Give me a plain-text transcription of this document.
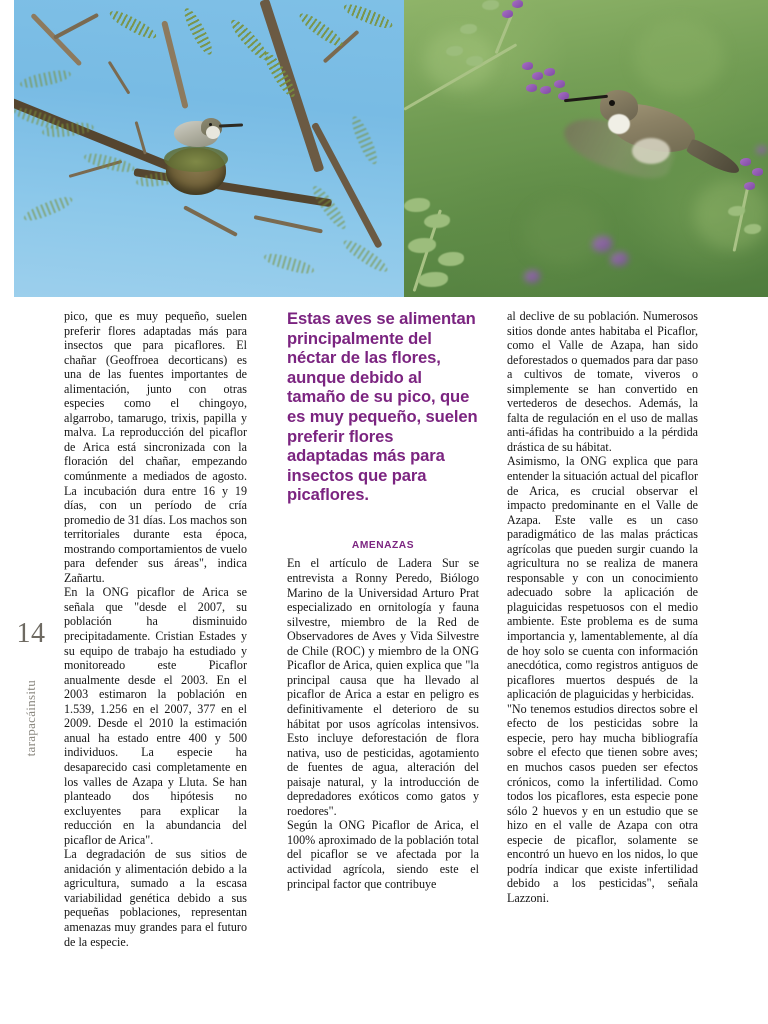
14
tarapacáinsitu

pico, que es muy pequeño, suelen preferir flores adaptadas más para insectos que para picaflores. El chañar (Geoffroea decorticans) es una de las fuentes importantes de alimentación, junto con otras especies como el chingoyo, algarrobo, tamarugo, trixis, papilla y malva. La reproducción del picaflor de Arica está sincronizada con la floración del chañar, empezando comúnmente a mediados de agosto. La incubación dura entre 16 y 19 días, con un período de cría promedio de 31 días. Los machos son territoriales durante esta época, mostrando comportamientos de vuelo para defender sus áreas", indica Zañartu.

En la ONG picaflor de Arica se señala que "desde el 2007, su población ha disminuido precipitadamente. Cristian Estades y su equipo de trabajo ha estudiado y monitoreado este Picaflor anualmente desde el 2003. En el 2003 estimaron la población en 1.539, 1.256 en el 2007, 377 en el 2009. Desde el 2010 la estimación anual ha estado entre 400 y 500 individuos. La especie ha desaparecido casi completamente en los valles de Azapa y Lluta. Se han planteado dos hipótesis no excluyentes para explicar la reducción en la abundancia del picaflor de Arica".

La degradación de sus sitios de anidación y alimentación debido a la agricultura, sumado a la escasa variabilidad genética debido a sus pequeñas poblaciones, representan amenazas muy grandes para el futuro de la especie.

Estas aves se alimentan principalmente del néctar de las flores, aunque debido al tamaño de su pico, que es muy pequeño, suelen preferir flores adaptadas más para insectos que para picaflores.
AMENAZAS

En el artículo de Ladera Sur se entrevista a Ronny Peredo, Biólogo Marino de la Universidad Arturo Prat especializado en ornitología y fauna silvestre, miembro de la Red de Observadores de Aves y Vida Silvestre de Chile (ROC) y miembro de la ONG Picaflor de Arica, quien explica que "la principal causa que ha llevado al picaflor de Arica a estar en peligro es definitivamente el deterioro de su hábitat por usos agrícolas intensivos. Esto incluye deforestación de flora nativa, uso de pesticidas, agotamiento de fuentes de agua, alteración del paisaje natural, y la introducción de depredadores exóticos como gatos y roedores".

Según la ONG Picaflor de Arica, el 100% aproximado de la población total del picaflor se ve afectada por la actividad agrícola, siendo este el principal factor que contribuye

al declive de su población. Numerosos sitios donde antes habitaba el Picaflor, como el Valle de Azapa, han sido deforestados o quemados para dar paso a cultivos de tomate, viveros o simplemente se han convertido en vertederos de desechos. Además, la falta de regulación en el uso de mallas anti-áfidas ha contribuido a la pérdida drástica de su hábitat.

Asimismo, la ONG explica que para entender la situación actual del picaflor de Arica, es crucial observar el impacto predominante en el Valle de Azapa. Este valle es un caso paradigmático de las malas prácticas agrícolas que pueden surgir cuando la agricultura no se realiza de manera responsable y con un conocimiento adecuado sobre la aplicación de plaguicidas respetuosos con el medio ambiente. Este problema es de suma importancia y, lamentablemente, al día de hoy solo se cuenta con información anecdótica, como registros antiguos de picaflores muertos después de la aplicación de plaguicidas y herbicidas.

"No tenemos estudios directos sobre el efecto de los pesticidas sobre la especie, pero hay mucha bibliografía sobre el efecto que tienen sobre aves; en muchos casos pueden ser efectos crónicos, como la infertilidad. Como todos los picaflores, esta especie pone sólo 2 huevos y en un estudio que se hizo en el valle de Azapa con otra especie de picaflor, solamente se encontró un huevo en los nidos, lo que podría indicar que existe infertilidad debido a los pesticidas", señala Lazzoni.
